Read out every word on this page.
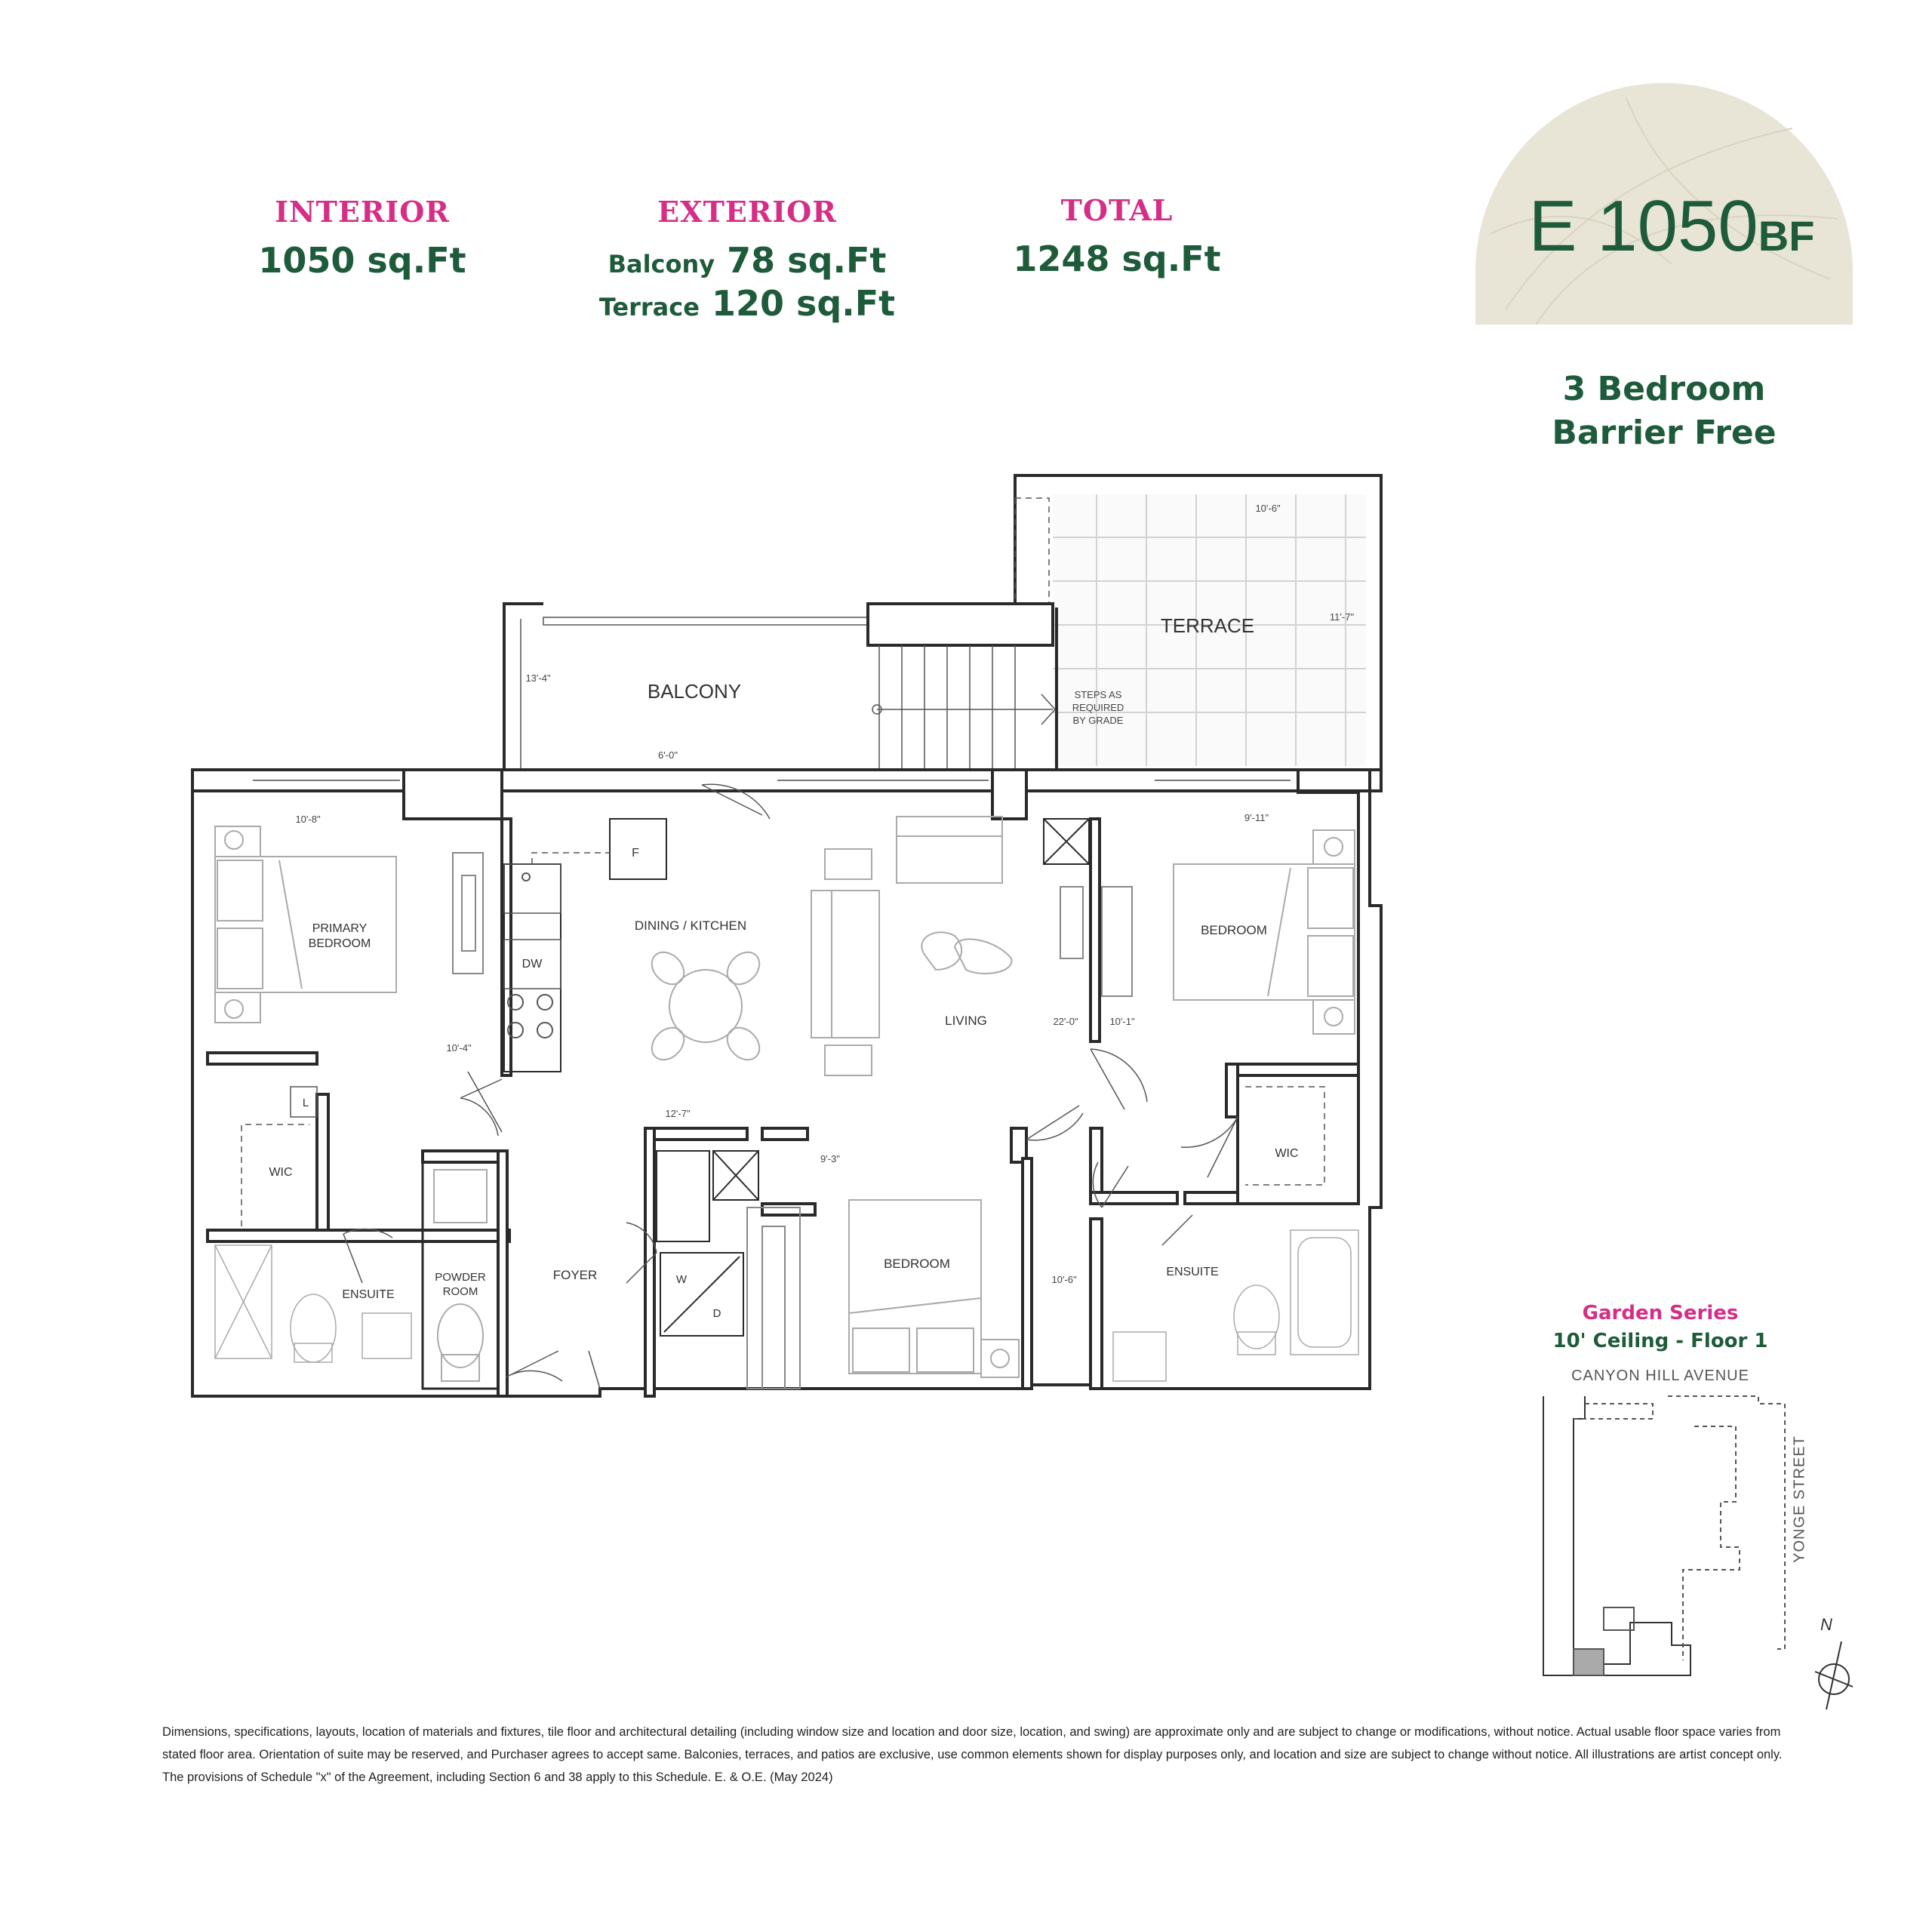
INTERIOR
1050 sq.Ft
EXTERIOR
Balcony 78 sq.Ft
Terrace 120 sq.Ft
TOTAL
1248 sq.Ft	E 1050BF
3 Bedroom
Barrier Free
TERRACE
BALCONY	STEPS AS
REQUIRED
BY GRADE
PRIMARY
BEDROOM
DINING / KITCHEN
LIVING
BEDROOM
BEDROOM
WIC
WIC
ENSUITE
ENSUITE
POWDER
ROOM
FOYER
F
DW
L
W
D
10'-6"
11'-7"
13'-4"
6'-0"
10'-8"
10'-4"
9'-11"
22'-0"	10'-1"
12'-7"
9'-3"
10'-6"
Garden Series
10' Ceiling - Floor 1
CANYON HILL AVENUE
YONGE STREET
N
Dimensions, specifications, layouts, location of materials and fixtures, tile floor and architectural detailing (including window size and location and door size, location, and swing) are approximate only and are subject to change or modifications, without notice. Actual usable floor space varies from stated floor area. Orientation of suite may be reserved, and Purchaser agrees to accept same. Balconies, terraces, and patios are exclusive, use common elements shown for display purposes only, and location and size are subject to change without notice. All illustrations are artist concept only. The provisions of Schedule "x" of the Agreement, including Section 6 and 38 apply to this Schedule. E. & O.E. (May 2024)
